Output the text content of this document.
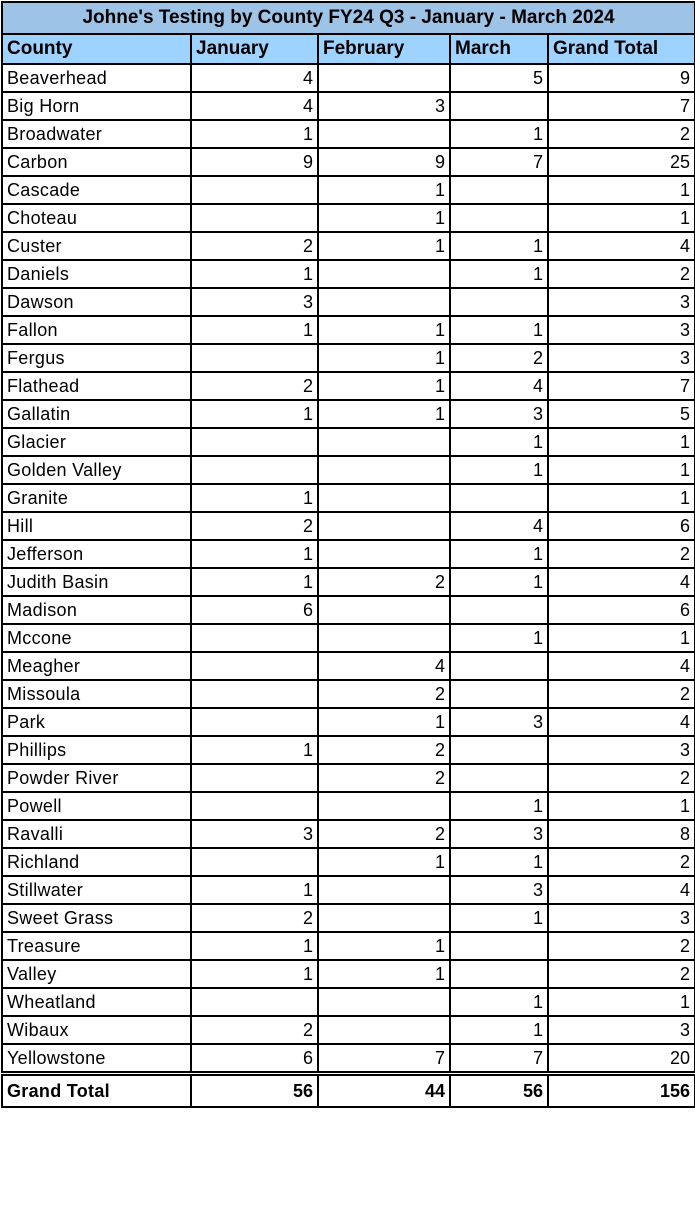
Johne's Testing by County FY24 Q3 - January - March 2024				
County	January	February	March	Grand Total
Beaverhead	4		5	9
Big Horn	4	3		7
Broadwater	1		1	2
Carbon	9	9	7	25
Cascade		1		1
Choteau		1		1
Custer	2	1	1	4
Daniels	1		1	2
Dawson	3			3
Fallon	1	1	1	3
Fergus		1	2	3
Flathead	2	1	4	7
Gallatin	1	1	3	5
Glacier			1	1
Golden Valley			1	1
Granite	1			1
Hill	2		4	6
Jefferson	1		1	2
Judith Basin	1	2	1	4
Madison	6			6
Mccone			1	1
Meagher		4		4
Missoula		2		2
Park		1	3	4
Phillips	1	2		3
Powder River		2		2
Powell			1	1
Ravalli	3	2	3	8
Richland		1	1	2
Stillwater	1		3	4
Sweet Grass	2		1	3
Treasure	1	1		2
Valley	1	1		2
Wheatland			1	1
Wibaux	2		1	3
Yellowstone	6	7	7	20
Grand Total	56	44	56	156
